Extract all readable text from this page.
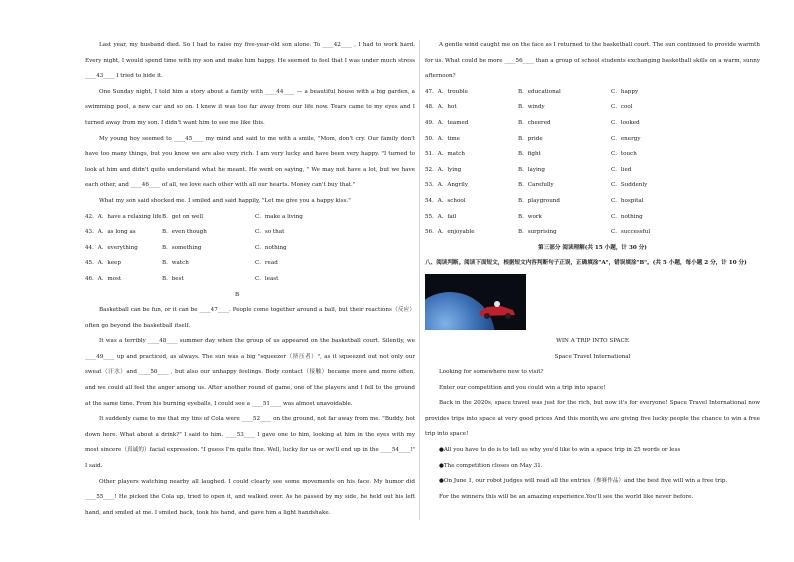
Last year, my husband died. So I had to raise my five-year-old son alone. To ____42____ , I had to work hard. Every night, I would spend time with my son and make him happy. He seemed to feel that I was under much stress ____43____ I tried to hide it.

One Sunday night, I told him a story about a family with ____44____ — a beautiful house with a big garden, a swimming pool, a new car and so on. I knew it was too far away from our life now. Tears came to my eyes and I turned away from my son. I didn't want him to see me like this.

My young boy seemed to ____45____ my mind and said to me with a smile, "Mom, don't cry. Our family don't have too many things, but you know we are also very rich. I am very lucky and have been very happy. "I turned to look at him and didn't quite understand what he meant. He went on saying, " We may not have a lot, but we have each other, and ____46____ of all, we love each other with all our hearts. Money can't buy that."

What my son said shocked me. I smiled and said happily, "Let me give you a happy kiss."

42．A．have a relaxing life B．get on well	C．make a living
43．A．as long as	B．even though	C．so that
44．A．everything	B．something	C．nothing
45．A．keep	B．watch	C．read
46．A．most	B．best	C．least

B

Basketball can be fun, or it can be ____47____. People come together around a ball, but their reactions（反应）often go beyond the basketball itself.

It was a terribly ____48____ summer day when the group of us appeared on the basketball court. Silently, we ____49____ up and practiced, as always. The sun was a big "squeezer（挤压者）", as it squeezed out not only our sweat（汗水）and ____50____ , but also our unhappy feelings. Body contact（接触）became more and more often, and we could all feel the anger among us. After another round of game, one of the players and I fell to the ground at the same time. From his burning eyeballs, I could see a ____51____ was almost unavoidable.

It suddenly came to me that my tins of Cola were ____52____ on the ground, not far away from me. "Buddy, hot down here. What about a drink?" I said to him. ____53____ I gave one to him, looking at him in the eyes with my most sincere（真诚的）facial expression. "I guess I'm quite fine. Well, lucky for us or we'll end up in the ____54____!" I said.

Other players watching nearby all laughed. I could clearly see some movements on his face. My humor did ____55____! He picked the Cola up, tried to open it, and walked over. As he passed by my side, he held out his left hand, and smiled at me. I smiled back, took his hand, and gave him a light handshake.

A gentle wind caught me on the face as I returned to the basketball court. The sun continued to provide warmth for us. What could be more ____56____ than a group of school students exchanging basketball skills on a warm, sunny afternoon?

47．A．trouble	B．educational	C．happy
48．A．hot	B．windy	C．cool
49．A．teamed	B．cheered	C．looked
50．A．time	B．pride	C．energy
51．A．match	B．fight	C．touch
52．A．lying	B．laying	C．lied
53．A．Angrily	B．Carefully	C．Suddenly
54．A．school	B．playground	C．hospital
55．A．fail	B．work	C．nothing
56．A．enjoyable	B．surprising	C．successful

第三部分 阅读理解(共 15 小题，计 30 分)

八、阅读判断。阅读下面短文，根据短文内容判断句子正误，正确填涂"A"，错误填涂"B"。(共 5 小题，每小题 2 分，计 10 分)

WIN A TRIP INTO SPACE

Space Travel International

Looking for somewhere new to visit?

Enter our competition and you could win a trip into space!

Back in the 2020s, space travel was just for the rich, but now it's for everyone! Space Travel International now provides trips into space at very good prices And this month,we are giving five lucky people the chance to win a free trip into space!

●All you have to do is to tell us why you'd like to win a space trip in 25 words or less

●The competition closes on May 31.

●On June 1, our robot judges will read all the entries（参赛作品）and the best five will win a free trip.

For the winners this will be an amazing experience.You'll see the world like never before.
